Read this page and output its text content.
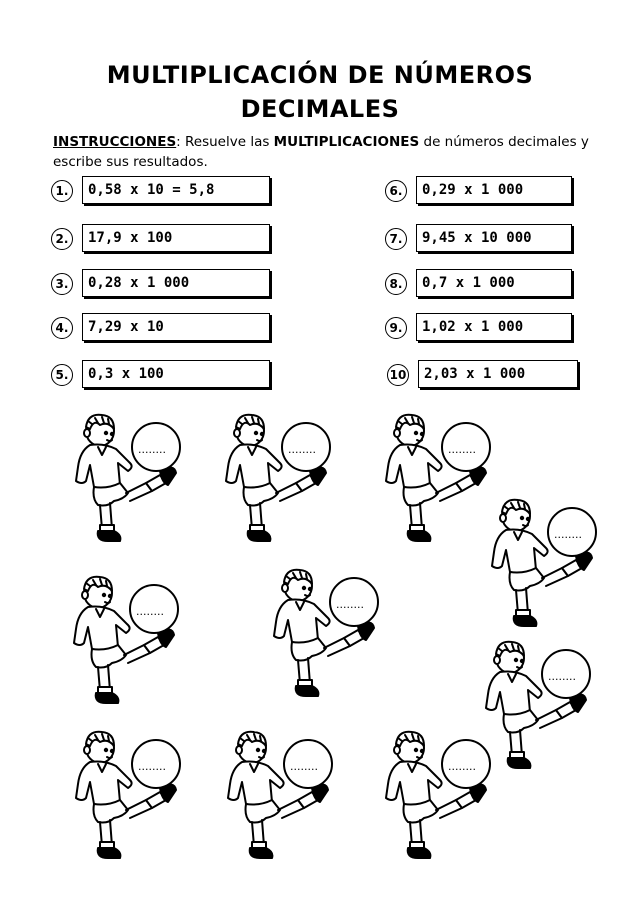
MULTIPLICACIÓN DE NÚMEROS
DECIMALES
INSTRUCCIONES: Resuelve las MULTIPLICACIONES de números decimales y escribe sus resultados.
1.	0,58 x 10 = 5,8
2.	17,9 x 100
3.	0,28 x 1 000
4.	7,29 x 10
5.	0,3 x 100
6.	0,29 x 1 000
7.	9,45 x 10 000
8.	0,7 x 1 000
9.	1,02 x 1 000
10	2,03 x 1 000
........	........	........
........
........
........
........
........	........	........
